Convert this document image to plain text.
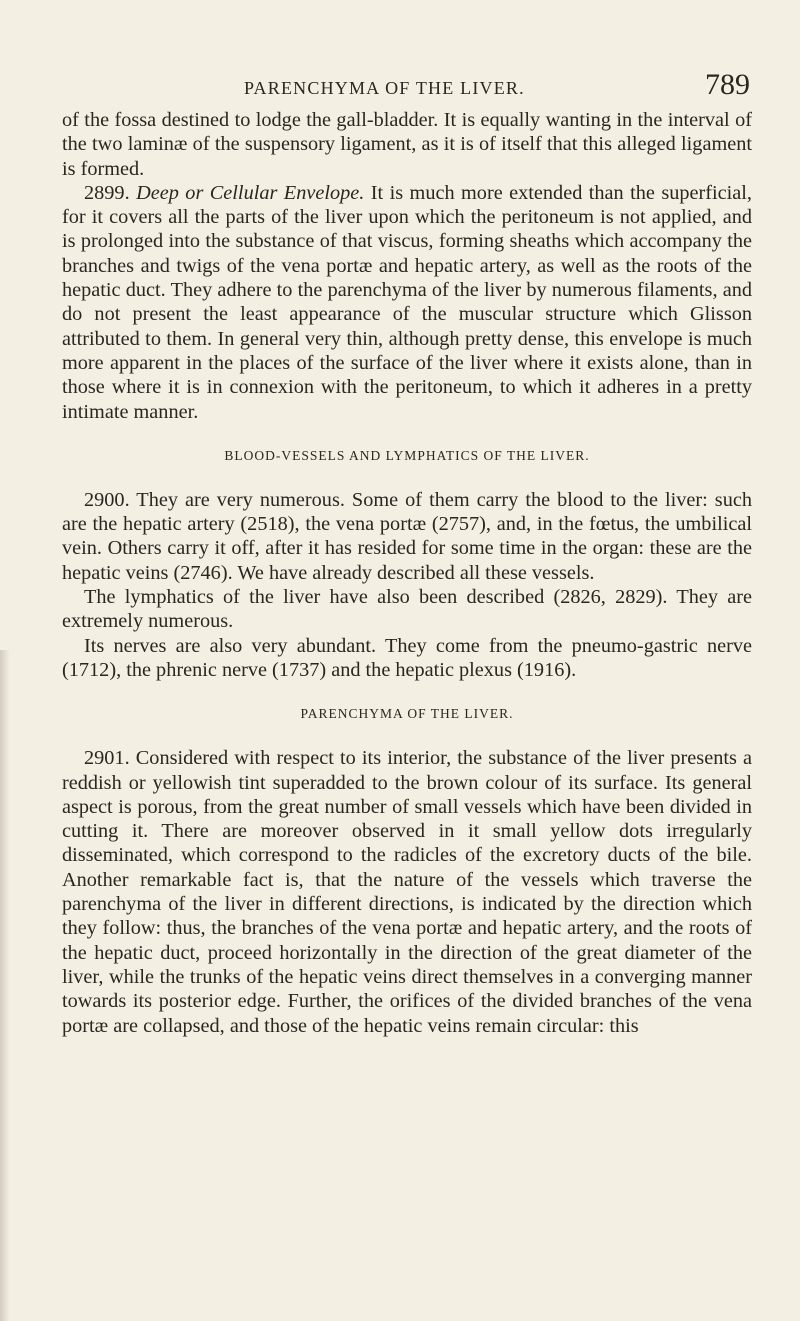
PARENCHYMA OF THE LIVER.	789

of the fossa destined to lodge the gall-bladder. It is equally wanting in the interval of the two laminæ of the suspensory ligament, as it is of itself that this alleged ligament is formed.

2899. Deep or Cellular Envelope. It is much more extended than the superficial, for it covers all the parts of the liver upon which the peritoneum is not applied, and is prolonged into the substance of that viscus, forming sheaths which accompany the branches and twigs of the vena portæ and hepatic artery, as well as the roots of the hepatic duct. They adhere to the parenchyma of the liver by numerous filaments, and do not present the least appearance of the muscular structure which Glisson attributed to them. In general very thin, although pretty dense, this envelope is much more apparent in the places of the surface of the liver where it exists alone, than in those where it is in connexion with the peritoneum, to which it adheres in a pretty intimate manner.

BLOOD-VESSELS AND LYMPHATICS OF THE LIVER.

2900. They are very numerous. Some of them carry the blood to the liver: such are the hepatic artery (2518), the vena portæ (2757), and, in the fœtus, the umbilical vein. Others carry it off, after it has resided for some time in the organ: these are the hepatic veins (2746). We have already described all these vessels.

The lymphatics of the liver have also been described (2826, 2829). They are extremely numerous.

Its nerves are also very abundant. They come from the pneumo-gastric nerve (1712), the phrenic nerve (1737) and the hepatic plexus (1916).

PARENCHYMA OF THE LIVER.

2901. Considered with respect to its interior, the substance of the liver presents a reddish or yellowish tint superadded to the brown colour of its surface. Its general aspect is porous, from the great number of small vessels which have been divided in cutting it. There are moreover observed in it small yellow dots irregularly disseminated, which correspond to the radicles of the excretory ducts of the bile. Another remarkable fact is, that the nature of the vessels which traverse the parenchyma of the liver in different directions, is indicated by the direction which they follow: thus, the branches of the vena portæ and hepatic artery, and the roots of the hepatic duct, proceed horizontally in the direction of the great diameter of the liver, while the trunks of the hepatic veins direct themselves in a converging manner towards its posterior edge. Further, the orifices of the divided branches of the vena portæ are collapsed, and those of the hepatic veins remain circular: this
